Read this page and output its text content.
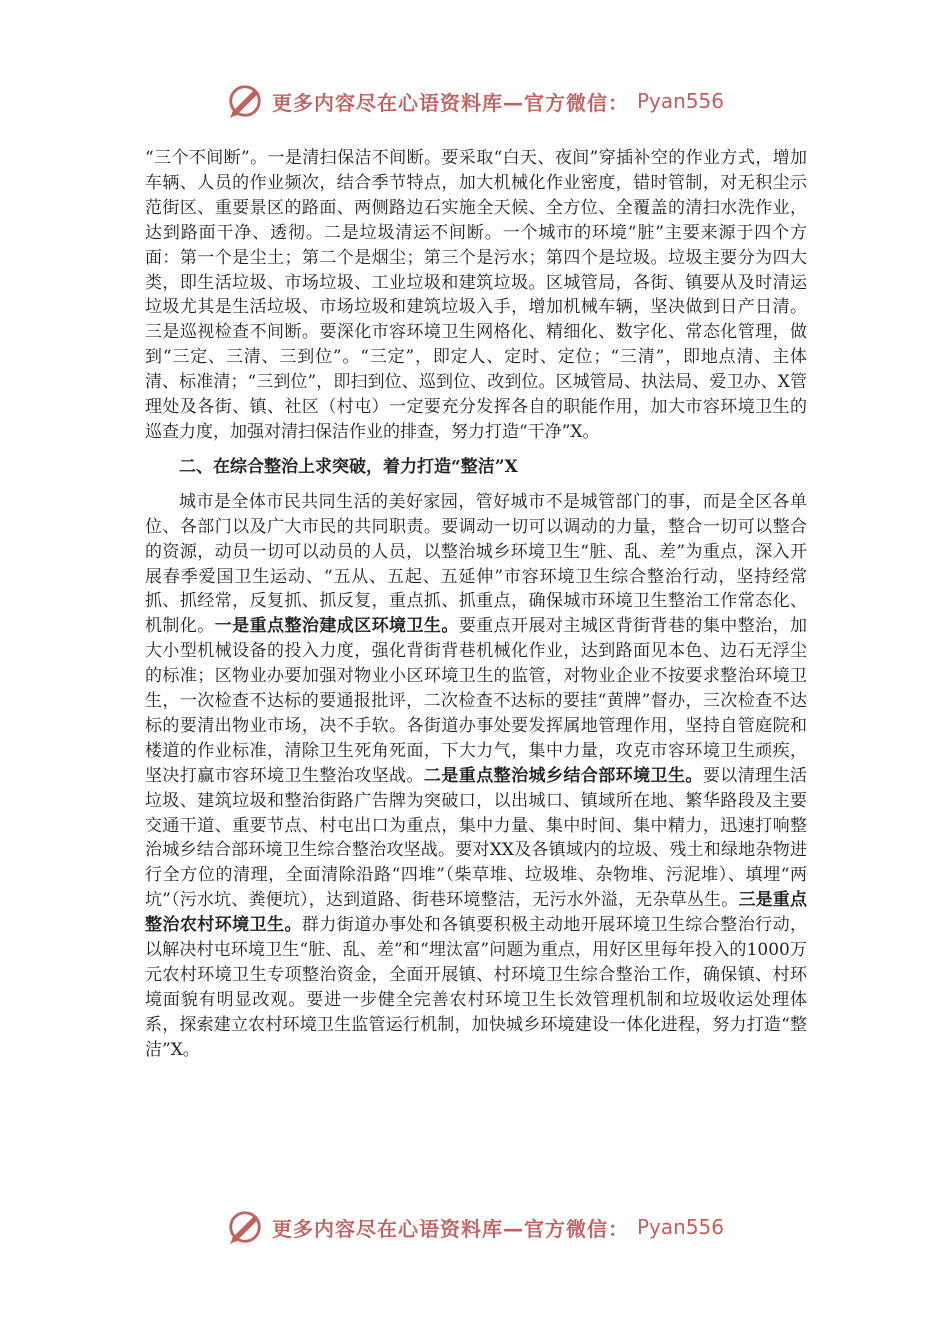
更多内容尽在心语资料库—官方微信： Pyan556

“三个不间断”。一是清扫保洁不间断。要采取“白天、夜间”穿插补空的作业方式，增加车辆、人员的作业频次，结合季节特点，加大机械化作业密度，错时管制，对无积尘示范街区、重要景区的路面、两侧路边石实施全天候、全方位、全覆盖的清扫水洗作业，达到路面干净、透彻。二是垃圾清运不间断。一个城市的环境“脏”主要来源于四个方面：第一个是尘土；第二个是烟尘；第三个是污水；第四个是垃圾。垃圾主要分为四大类，即生活垃圾、市场垃圾、工业垃圾和建筑垃圾。区城管局，各街、镇要从及时清运垃圾尤其是生活垃圾、市场垃圾和建筑垃圾入手，增加机械车辆，坚决做到日产日清。三是巡视检查不间断。要深化市容环境卫生网格化、精细化、数字化、常态化管理，做到“三定、三清、三到位”。“三定”，即定人、定时、定位；“三清”，即地点清、主体清、标准清；“三到位”，即扫到位、巡到位、改到位。区城管局、执法局、爱卫办、X管理处及各街、镇、社区（村屯）一定要充分发挥各自的职能作用，加大市容环境卫生的巡查力度，加强对清扫保洁作业的排查，努力打造“干净”X。

二、在综合整治上求突破，着力打造“整洁”X

城市是全体市民共同生活的美好家园，管好城市不是城管部门的事，而是全区各单位、各部门以及广大市民的共同职责。要调动一切可以调动的力量，整合一切可以整合的资源，动员一切可以动员的人员，以整治城乡环境卫生“脏、乱、差”为重点，深入开展春季爱国卫生运动、“五从、五起、五延伸”市容环境卫生综合整治行动，坚持经常抓、抓经常，反复抓、抓反复，重点抓、抓重点，确保城市环境卫生整治工作常态化、机制化。一是重点整治建成区环境卫生。要重点开展对主城区背街背巷的集中整治，加大小型机械设备的投入力度，强化背街背巷机械化作业，达到路面见本色、边石无浮尘的标准；区物业办要加强对物业小区环境卫生的监管，对物业企业不按要求整治环境卫生，一次检查不达标的要通报批评，二次检查不达标的要挂“黄牌”督办，三次检查不达标的要清出物业市场，决不手软。各街道办事处要发挥属地管理作用，坚持自管庭院和楼道的作业标准，清除卫生死角死面，下大力气，集中力量，攻克市容环境卫生顽疾，坚决打赢市容环境卫生整治攻坚战。二是重点整治城乡结合部环境卫生。要以清理生活垃圾、建筑垃圾和整治街路广告牌为突破口，以出城口、镇域所在地、繁华路段及主要交通干道、重要节点、村屯出口为重点，集中力量、集中时间、集中精力，迅速打响整治城乡结合部环境卫生综合整治攻坚战。要对XX及各镇域内的垃圾、残土和绿地杂物进行全方位的清理，全面清除沿路“四堆”（柴草堆、垃圾堆、杂物堆、污泥堆）、填埋“两坑”（污水坑、粪便坑），达到道路、街巷环境整洁，无污水外溢，无杂草丛生。三是重点整治农村环境卫生。群力街道办事处和各镇要积极主动地开展环境卫生综合整治行动，以解决村屯环境卫生“脏、乱、差”和“埋汰富”问题为重点，用好区里每年投入的1000万元农村环境卫生专项整治资金，全面开展镇、村环境卫生综合整治工作，确保镇、村环境面貌有明显改观。要进一步健全完善农村环境卫生长效管理机制和垃圾收运处理体系，探索建立农村环境卫生监管运行机制，加快城乡环境建设一体化进程，努力打造“整洁”X。

更多内容尽在心语资料库—官方微信： Pyan556
